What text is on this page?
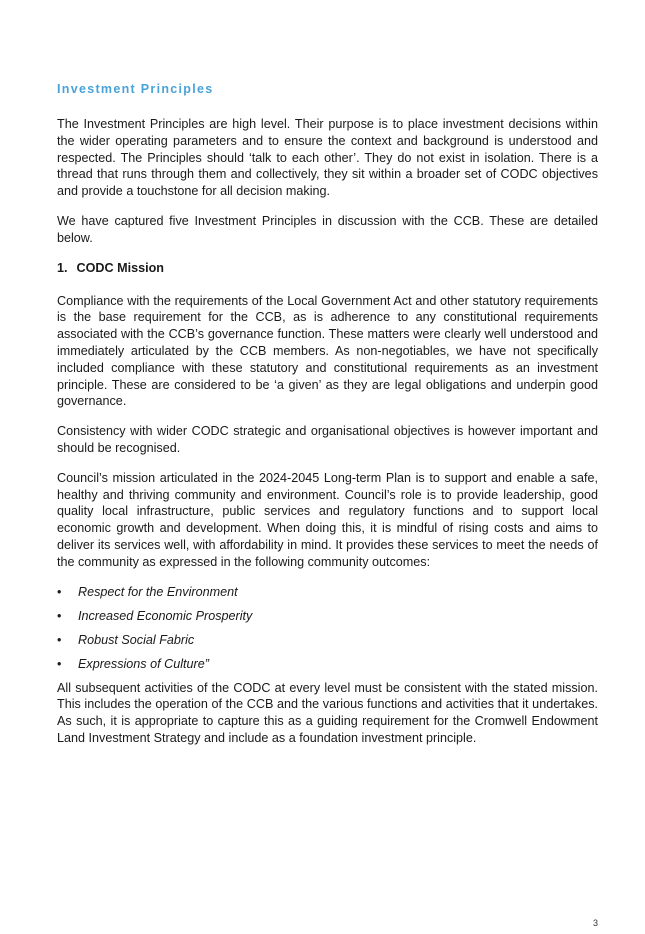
Investment Principles

The Investment Principles are high level. Their purpose is to place investment decisions within the wider operating parameters and to ensure the context and background is understood and respected. The Principles should ‘talk to each other’. They do not exist in isolation. There is a thread that runs through them and collectively, they sit within a broader set of CODC objectives and provide a touchstone for all decision making.

We have captured five Investment Principles in discussion with the CCB. These are detailed below.

1. CODC Mission

Compliance with the requirements of the Local Government Act and other statutory requirements is the base requirement for the CCB, as is adherence to any constitutional requirements associated with the CCB’s governance function. These matters were clearly well understood and immediately articulated by the CCB members. As non-negotiables, we have not specifically included compliance with these statutory and constitutional requirements as an investment principle. These are considered to be ‘a given’ as they are legal obligations and underpin good governance.

Consistency with wider CODC strategic and organisational objectives is however important and should be recognised.

Council’s mission articulated in the 2024-2045 Long-term Plan is to support and enable a safe, healthy and thriving community and environment. Council’s role is to provide leadership, good quality local infrastructure, public services and regulatory functions and to support local economic growth and development. When doing this, it is mindful of rising costs and aims to deliver its services well, with affordability in mind. It provides these services to meet the needs of the community as expressed in the following community outcomes:

• Respect for the Environment
• Increased Economic Prosperity
• Robust Social Fabric
• Expressions of Culture”

All subsequent activities of the CODC at every level must be consistent with the stated mission. This includes the operation of the CCB and the various functions and activities that it undertakes. As such, it is appropriate to capture this as a guiding requirement for the Cromwell Endowment Land Investment Strategy and include as a foundation investment principle.

3
